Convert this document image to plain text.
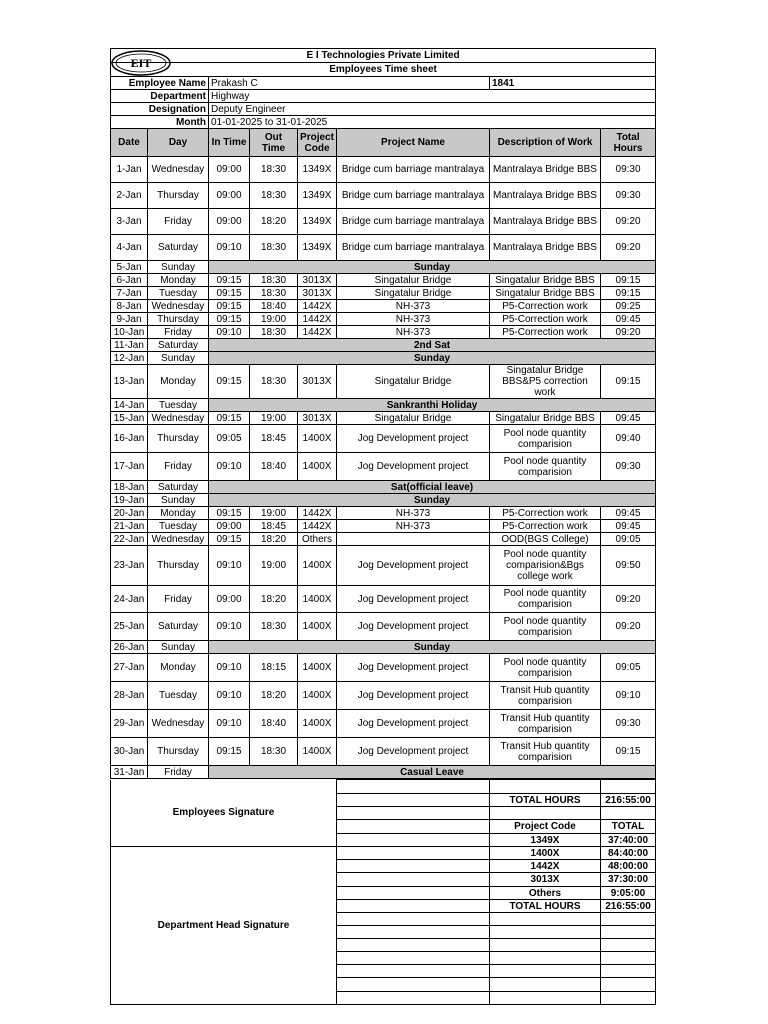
EIT
E I Technologies Private Limited							
Employees Time sheet							
Employee Name		Prakash C				1841	
Department		Highway					
Designation		Deputy Engineer					
Month		01-01-2025 to 31-01-2025					
Date	Day	In Time	Out Time	Project Code	Project Name	Description of Work	Total Hours
1-Jan	Wednesday	09:00	18:30	1349X	Bridge cum barriage mantralaya	Mantralaya Bridge BBS	09:30
2-Jan	Thursday	09:00	18:30	1349X	Bridge cum barriage mantralaya	Mantralaya Bridge BBS	09:30
3-Jan	Friday	09:00	18:20	1349X	Bridge cum barriage mantralaya	Mantralaya Bridge BBS	09:20
4-Jan	Saturday	09:10	18:30	1349X	Bridge cum barriage mantralaya	Mantralaya Bridge BBS	09:20
5-Jan	Sunday	Sunday					
6-Jan	Monday	09:15	18:30	3013X	Singatalur Bridge	Singatalur Bridge BBS	09:15
7-Jan	Tuesday	09:15	18:30	3013X	Singatalur Bridge	Singatalur Bridge BBS	09:15
8-Jan	Wednesday	09:15	18:40	1442X	NH-373	P5-Correction work	09:25
9-Jan	Thursday	09:15	19:00	1442X	NH-373	P5-Correction work	09:45
10-Jan	Friday	09:10	18:30	1442X	NH-373	P5-Correction work	09:20
11-Jan	Saturday	2nd Sat					
12-Jan	Sunday	Sunday					
13-Jan	Monday	09:15	18:30	3013X	Singatalur Bridge	Singatalur Bridge BBS&P5 correction work	09:15
14-Jan	Tuesday	Sankranthi Holiday					
15-Jan	Wednesday	09:15	19:00	3013X	Singatalur Bridge	Singatalur Bridge BBS	09:45
16-Jan	Thursday	09:05	18:45	1400X	Jog Development project	Pool node quantity comparision	09:40
17-Jan	Friday	09:10	18:40	1400X	Jog Development project	Pool node quantity comparision	09:30
18-Jan	Saturday	Sat(official leave)					
19-Jan	Sunday	Sunday					
20-Jan	Monday	09:15	19:00	1442X	NH-373	P5-Correction work	09:45
21-Jan	Tuesday	09:00	18:45	1442X	NH-373	P5-Correction work	09:45
22-Jan	Wednesday	09:15	18:20	Others		OOD(BGS College)	09:05
23-Jan	Thursday	09:10	19:00	1400X	Jog Development project	Pool node quantity comparision&Bgs college work	09:50
24-Jan	Friday	09:00	18:20	1400X	Jog Development project	Pool node quantity comparision	09:20
25-Jan	Saturday	09:10	18:30	1400X	Jog Development project	Pool node quantity comparision	09:20
26-Jan	Sunday	Sunday					
27-Jan	Monday	09:10	18:15	1400X	Jog Development project	Pool node quantity comparision	09:05
28-Jan	Tuesday	09:10	18:20	1400X	Jog Development project	Transit Hub quantity comparision	09:10
29-Jan	Wednesday	09:10	18:40	1400X	Jog Development project	Transit Hub quantity comparision	09:30
30-Jan	Thursday	09:15	18:30	1400X	Jog Development project	Transit Hub quantity comparision	09:15
31-Jan	Friday	Casual Leave					
Employees Signature			
		TOTAL HOURS	216:55:00

		Project Code	TOTAL
		1349X	37:40:00
Department Head Signature		1400X	84:40:00
		1442X	48:00:00
		3013X	37:30:00
		Others	9:05:00
		TOTAL HOURS	216:55:00
